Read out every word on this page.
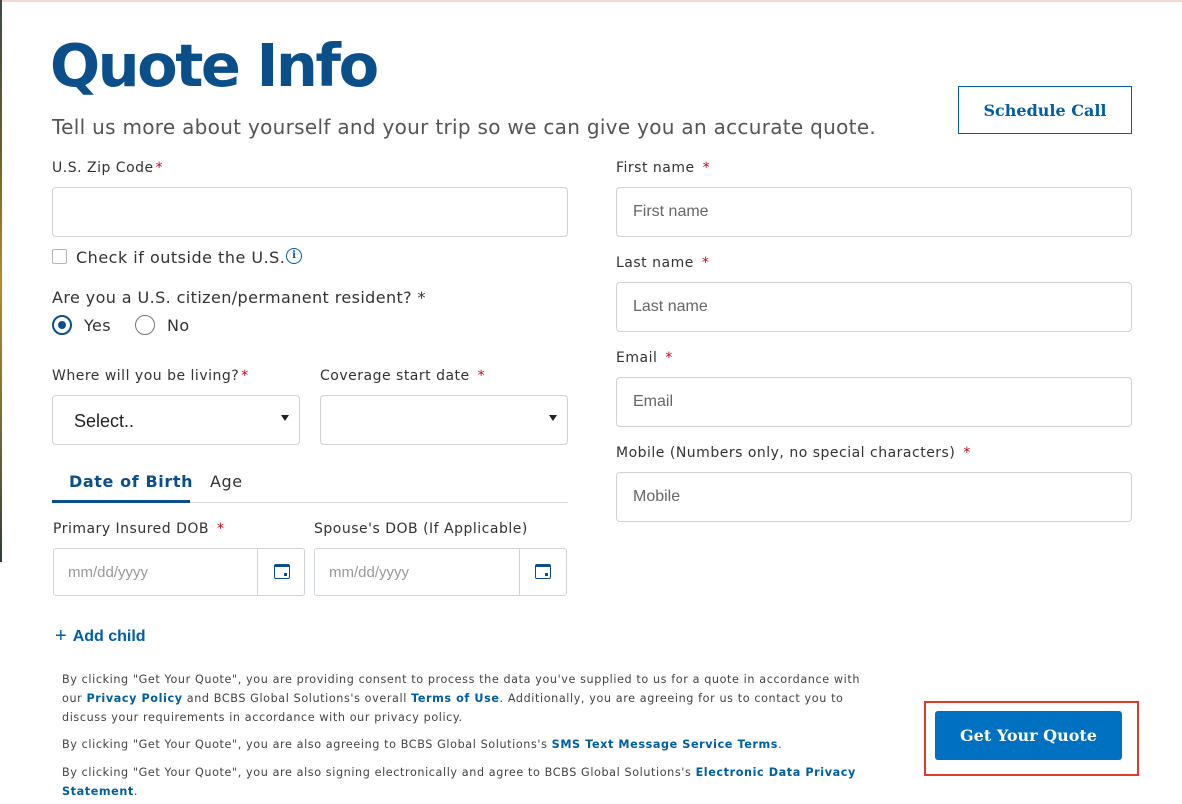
Quote Info

Tell us more about yourself and your trip so we can give you an accurate quote.

Schedule Call
U.S. Zip Code *
Check if outside the U.S. i
Are you a U.S. citizen/permanent resident? *
Yes	No
Where will you be living? *
Select..
Coverage start date *
Date of Birth Age
Primary Insured DOB *
mm/dd/yyyy	Spouse's DOB (If Applicable)
mm/dd/yyyy
+ Add child
First name *
First name
Last name *
Last name
Email *
Email
Mobile (Numbers only, no special characters) *
Mobile
By clicking "Get Your Quote", you are providing consent to process the data you've supplied to us for a quote in accordance with our Privacy Policy and BCBS Global Solutions's overall Terms of Use. Additionally, you are agreeing for us to contact you to discuss your requirements in accordance with our privacy policy.
By clicking "Get Your Quote", you are also agreeing to BCBS Global Solutions's SMS Text Message Service Terms.
By clicking "Get Your Quote", you are also signing electronically and agree to BCBS Global Solutions's Electronic Data Privacy Statement.
Get Your Quote
